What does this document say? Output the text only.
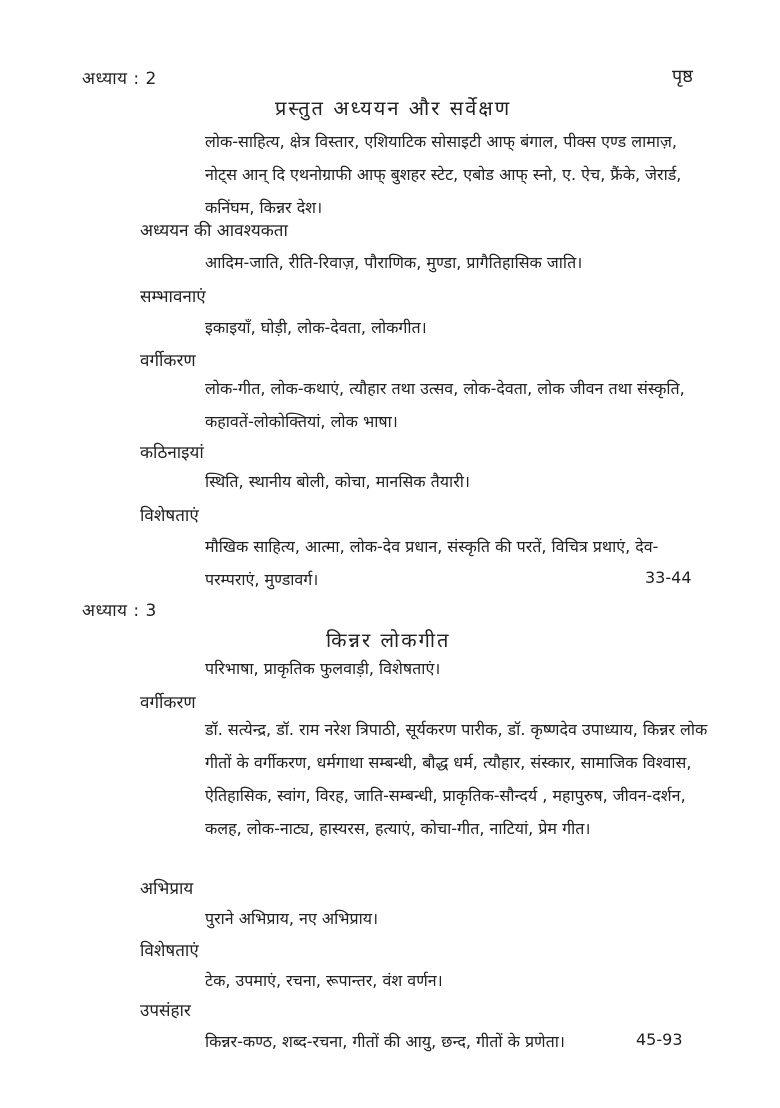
अध्याय : 2	पृष्ठ
प्रस्तुत अध्ययन और सर्वेक्षण
लोक-साहित्य, क्षेत्र विस्तार, एशियाटिक सोसाइटी आफ् बंगाल, पीक्स एण्ड लामाज़, नोट्स आन् दि एथनोग्राफी आफ् बुशहर स्टेट, एबोड आफ् स्नो, ए. ऐच, फ्रैंके, जेरार्ड, कनिंघम, किन्नर देश।
अध्ययन की आवश्यकता
आदिम-जाति, रीति-रिवाज़, पौराणिक, मुण्डा, प्रागैतिहासिक जाति।
सम्भावनाएं
इकाइयाँ, घोड़ी, लोक-देवता, लोकगीत।
वर्गीकरण
लोक-गीत, लोक-कथाएं, त्यौहार तथा उत्सव, लोक-देवता, लोक जीवन तथा संस्कृति, कहावतें-लोकोक्तियां, लोक भाषा।
कठिनाइयां
स्थिति, स्थानीय बोली, कोचा, मानसिक तैयारी।
विशेषताएं
मौखिक साहित्य, आत्मा, लोक-देव प्रधान, संस्कृति की परतें, विचित्र प्रथाएं, देव-परम्पराएं, मुण्डावर्ग।	33-44
अध्याय : 3
किन्नर लोकगीत
परिभाषा, प्राकृतिक फुलवाड़ी, विशेषताएं।
वर्गीकरण
डॉ. सत्येन्द्र, डॉ. राम नरेश त्रिपाठी, सूर्यकरण पारीक, डॉ. कृष्णदेव उपाध्याय, किन्नर लोक गीतों के वर्गीकरण, धर्मगाथा सम्बन्धी, बौद्ध धर्म, त्यौहार, संस्कार, सामाजिक विश्वास, ऐतिहासिक, स्वांग, विरह, जाति-सम्बन्धी, प्राकृतिक-सौन्दर्य , महापुरुष, जीवन-दर्शन, कलह, लोक-नाट्य, हास्यरस, हत्याएं, कोचा-गीत, नाटियां, प्रेम गीत।
अभिप्राय
पुराने अभिप्राय, नए अभिप्राय।
विशेषताएं
टेक, उपमाएं, रचना, रूपान्तर, वंश वर्णन।
उपसंहार
किन्नर-कण्ठ, शब्द-रचना, गीतों की आयु, छन्द, गीतों के प्रणेता।	45-93
